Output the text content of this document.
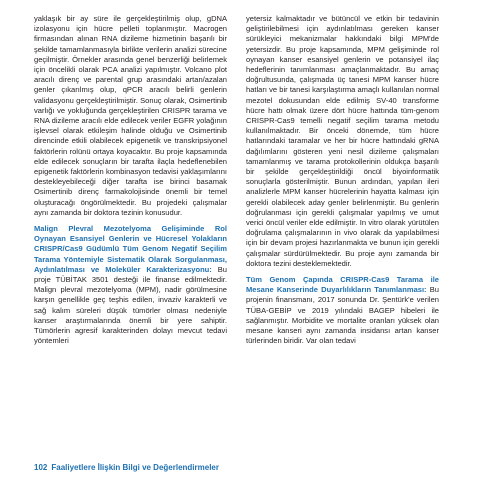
yaklaşık bir ay süre ile gerçekleştirilmiş olup, gDNA izolasyonu için hücre pelleti toplanmıştır. Macrogen firmasından alınan RNA dizileme hizmetinin başarılı bir şekilde tamamlanmasıyla birlikte verilerin analizi sürecine geçilmiştir. Örnekler arasında genel benzerliği belirlemek için öncelikli olarak PCA analizi yapılmıştır. Volcano plot aracılı direnç ve parental grup arasındaki artan/azalan genler çıkarılmış olup, qPCR aracılı belirli genlerin validasyonu gerçekleştirilmiştir. Sonuç olarak, Osimertinib varlığı ve yokluğunda gerçekleştirilen CRISPR tarama ve RNA dizileme aracılı elde edilecek veriler EGFR yolağının işlevsel olarak etkileşim halinde olduğu ve Osimertinib direncinde etkili olabilecek epigenetik ve transkripsiyonel faktörlerin rolünü ortaya koyacaktır. Bu proje kapsamında elde edilecek sonuçların bir tarafta ilaçla hedeflenebilen epigenetik faktörlerin kombinasyon tedavisi yaklaşımlarını destekleyebileceği diğer tarafta ise birinci basamak Osimertinib direnç farmakolojisinde önemli bir temel oluşturacağı öngörülmektedir. Bu projedeki çalışmalar aynı zamanda bir doktora tezinin konusudur.

Malign Plevral Mezotelyoma Gelişiminde Rol Oynayan Esansiyel Genlerin ve Hücresel Yolakların CRISPR/Cas9 Güdümlü Tüm Genom Negatif Seçilim Tarama Yöntemiyle Sistematik Olarak Sorgulanması, Aydınlatılması ve Moleküler Karakterizasyonu: Bu proje TÜBİTAK 3501 desteği ile finanse edilmektedir. Malign plevral mezotelyoma (MPM), nadir görülmesine karşın genellikle geç teşhis edilen, invaziv karakterli ve sağ kalım süreleri düşük tümörler olması nedeniyle kanser araştırmalarında önemli bir yere sahiptir. Tümörlerin agresif karakterinden dolayı mevcut tedavi yöntemleri

yetersiz kalmaktadır ve bütüncül ve etkin bir tedavinin geliştirilebilmesi için aydınlatılması gereken kanser sürükleyici mekanizmalar hakkındaki bilgi MPM'de yetersizdir. Bu proje kapsamında, MPM gelişiminde rol oynayan kanser esansiyel genlerin ve potansiyel ilaç hedeflerinin tanımlanması amaçlanmaktadır. Bu amaç doğrultusunda, çalışmada üç tanesi MPM kanser hücre hatları ve bir tanesi karşılaştırma amaçlı kullanılan normal mezotel dokusundan elde edilmiş SV-40 transforme hücre hattı olmak üzere dört hücre hattında tüm-genom CRISPR-Cas9 temelli negatif seçilim tarama metodu kullanılmaktadır. Bir önceki dönemde, tüm hücre hatlarındaki taramalar ve her bir hücre hattındaki gRNA dağılımlarını gösteren yeni nesil dizileme çalışmaları tamamlanmış ve tarama protokollerinin oldukça başarılı bir şekilde gerçekleştirildiği öncül biyoinformatik sonuçlarla gösterilmiştir. Bunun ardından, yapılan ileri analizlerle MPM kanser hücrelerinin hayatta kalması için gerekli olabilecek aday genler belirlenmiştir. Bu genlerin doğrulanması için gerekli çalışmalar yapılmış ve umut verici öncül veriler elde edilmiştir. In vitro olarak yürütülen doğrulama çalışmalarının in vivo olarak da yapılabilmesi için bir devam projesi hazırlanmakta ve bunun için gerekli çalışmalar sürdürülmektedir. Bu proje aynı zamanda bir doktora tezini desteklemektedir.

Tüm Genom Çapında CRISPR-Cas9 Tarama ile Mesane Kanserinde Duyarlılıkların Tanımlanması: Bu projenin finansmanı, 2017 sonunda Dr. Şentürk'e verilen TÜBA-GEBİP ve 2019 yılındaki BAGEP hibeleri ile sağlanmıştır. Morbidite ve mortalite oranları yüksek olan mesane kanseri aynı zamanda insidansı artan kanser türlerinden biridir. Var olan tedavi

102 Faaliyetlere İlişkin Bilgi ve Değerlendirmeler
